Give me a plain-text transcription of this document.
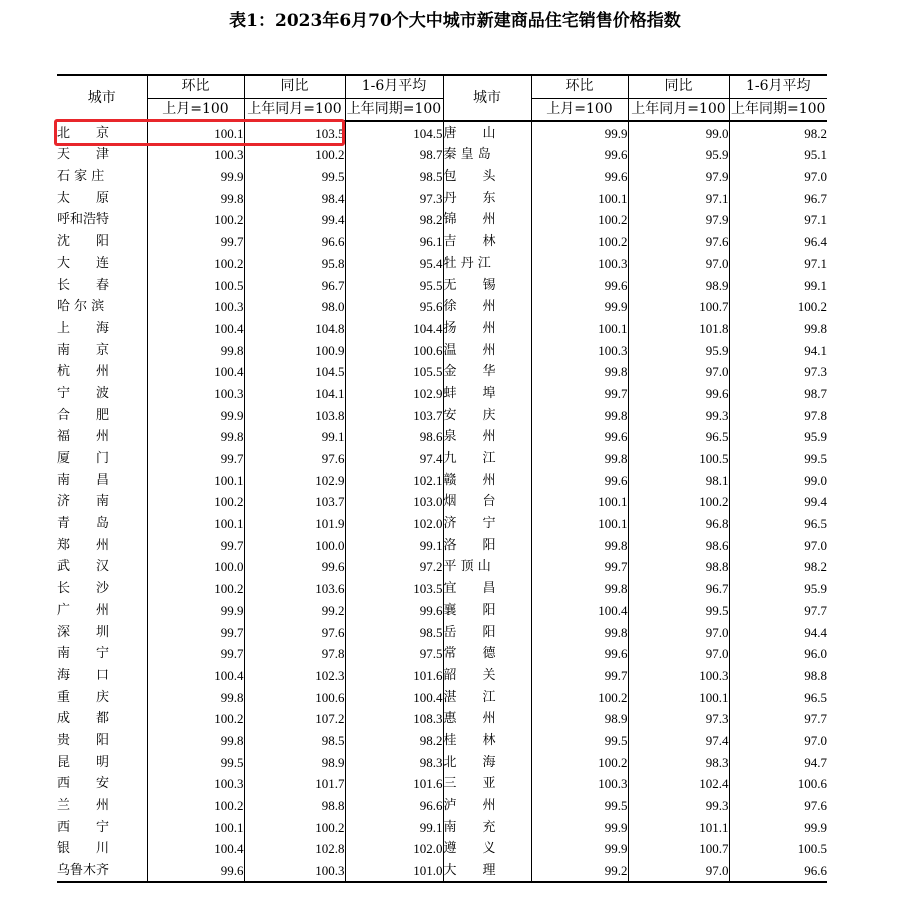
表1：2023年6月70个大中城市新建商品住宅销售价格指数
城市	环比	同比	1-6月平均	城市	环比	同比	1-6月平均
	上月=100	上年同月=100	上年同期=100		上月=100	上年同月=100	上年同期=100
北　　京	100.1	103.5	104.5	唐　　山	99.9	99.0	98.2
天　　津	100.3	100.2	98.7	秦 皇 岛	99.6	95.9	95.1
石 家 庄	99.9	99.5	98.5	包　　头	99.6	97.9	97.0
太　　原	99.8	98.4	97.3	丹　　东	100.1	97.1	96.7
呼和浩特	100.2	99.4	98.2	锦　　州	100.2	97.9	97.1
沈　　阳	99.7	96.6	96.1	吉　　林	100.2	97.6	96.4
大　　连	100.2	95.8	95.4	牡 丹 江	100.3	97.0	97.1
长　　春	100.5	96.7	95.5	无　　锡	99.6	98.9	99.1
哈 尔 滨	100.3	98.0	95.6	徐　　州	99.9	100.7	100.2
上　　海	100.4	104.8	104.4	扬　　州	100.1	101.8	99.8
南　　京	99.8	100.9	100.6	温　　州	100.3	95.9	94.1
杭　　州	100.4	104.5	105.5	金　　华	99.8	97.0	97.3
宁　　波	100.3	104.1	102.9	蚌　　埠	99.7	99.6	98.7
合　　肥	99.9	103.8	103.7	安　　庆	99.8	99.3	97.8
福　　州	99.8	99.1	98.6	泉　　州	99.6	96.5	95.9
厦　　门	99.7	97.6	97.4	九　　江	99.8	100.5	99.5
南　　昌	100.1	102.9	102.1	赣　　州	99.6	98.1	99.0
济　　南	100.2	103.7	103.0	烟　　台	100.1	100.2	99.4
青　　岛	100.1	101.9	102.0	济　　宁	100.1	96.8	96.5
郑　　州	99.7	100.0	99.1	洛　　阳	99.8	98.6	97.0
武　　汉	100.0	99.6	97.2	平 顶 山	99.7	98.8	98.2
长　　沙	100.2	103.6	103.5	宜　　昌	99.8	96.7	95.9
广　　州	99.9	99.2	99.6	襄　　阳	100.4	99.5	97.7
深　　圳	99.7	97.6	98.5	岳　　阳	99.8	97.0	94.4
南　　宁	99.7	97.8	97.5	常　　德	99.6	97.0	96.0
海　　口	100.4	102.3	101.6	韶　　关	99.7	100.3	98.8
重　　庆	99.8	100.6	100.4	湛　　江	100.2	100.1	96.5
成　　都	100.2	107.2	108.3	惠　　州	98.9	97.3	97.7
贵　　阳	99.8	98.5	98.2	桂　　林	99.5	97.4	97.0
昆　　明	99.5	98.9	98.3	北　　海	100.2	98.3	94.7
西　　安	100.3	101.7	101.6	三　　亚	100.3	102.4	100.6
兰　　州	100.2	98.8	96.6	泸　　州	99.5	99.3	97.6
西　　宁	100.1	100.2	99.1	南　　充	99.9	101.1	99.9
银　　川	100.4	102.8	102.0	遵　　义	99.9	100.7	100.5
乌鲁木齐	99.6	100.3	101.0	大　　理	99.2	97.0	96.6
